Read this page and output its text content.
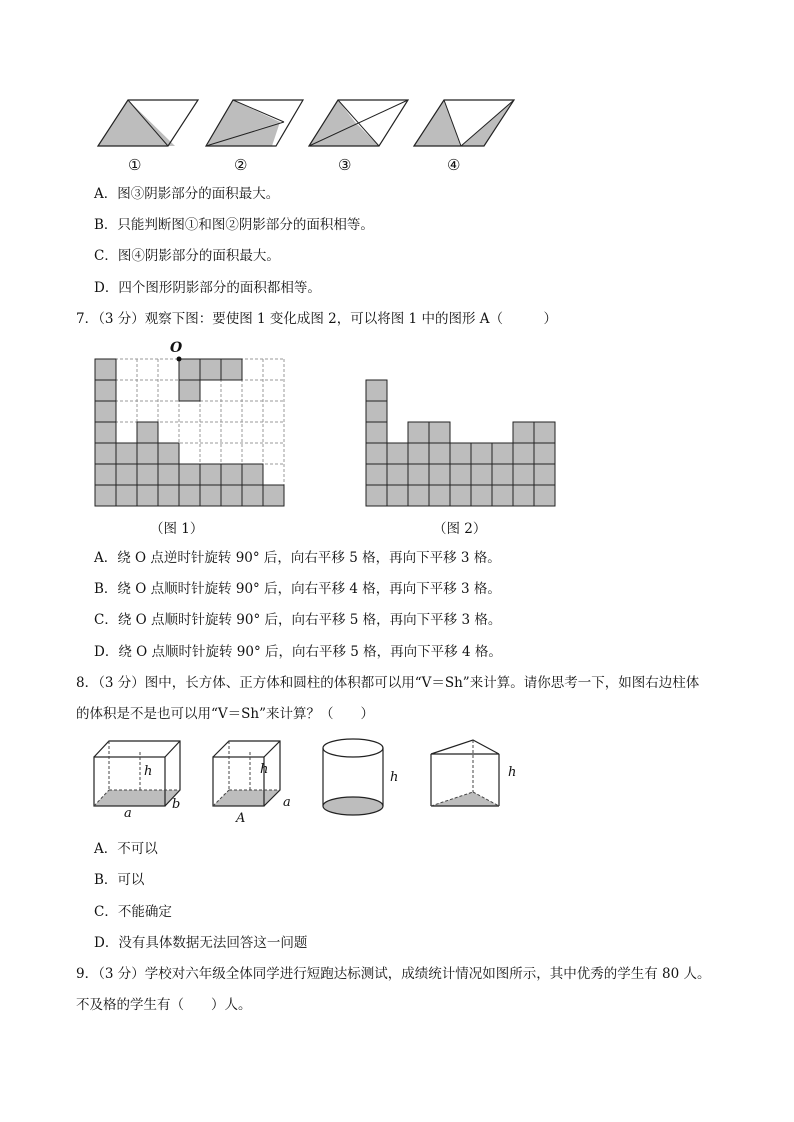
①	②	③	④
A．图③阴影部分的面积最大。
B．只能判断图①和图②阴影部分的面积相等。
C．图④阴影部分的面积最大。
D．四个图形阴影部分的面积都相等。
7．（3 分）观察下图：要使图 1 变化成图 2，可以将图 1 中的图形 A（　　　）
O
（图 1）	（图 2）
A．绕 O 点逆时针旋转 90° 后，向右平移 5 格，再向下平移 3 格。
B．绕 O 点顺时针旋转 90° 后，向右平移 4 格，再向下平移 3 格。
C．绕 O 点顺时针旋转 90° 后，向右平移 5 格，再向下平移 3 格。
D．绕 O 点顺时针旋转 90° 后，向右平移 5 格，再向下平移 4 格。
8．（3 分）图中，长方体、正方体和圆柱的体积都可以用“V＝Sh”来计算。请你思考一下，如图右边柱体
的体积是不是也可以用“V＝Sh”来计算？（　　）
h
b
a
h
a
A
h	h
A．不可以
B．可以
C．不能确定
D．没有具体数据无法回答这一问题
9．（3 分）学校对六年级全体同学进行短跑达标测试，成绩统计情况如图所示，其中优秀的学生有 80 人。
不及格的学生有（　　）人。
